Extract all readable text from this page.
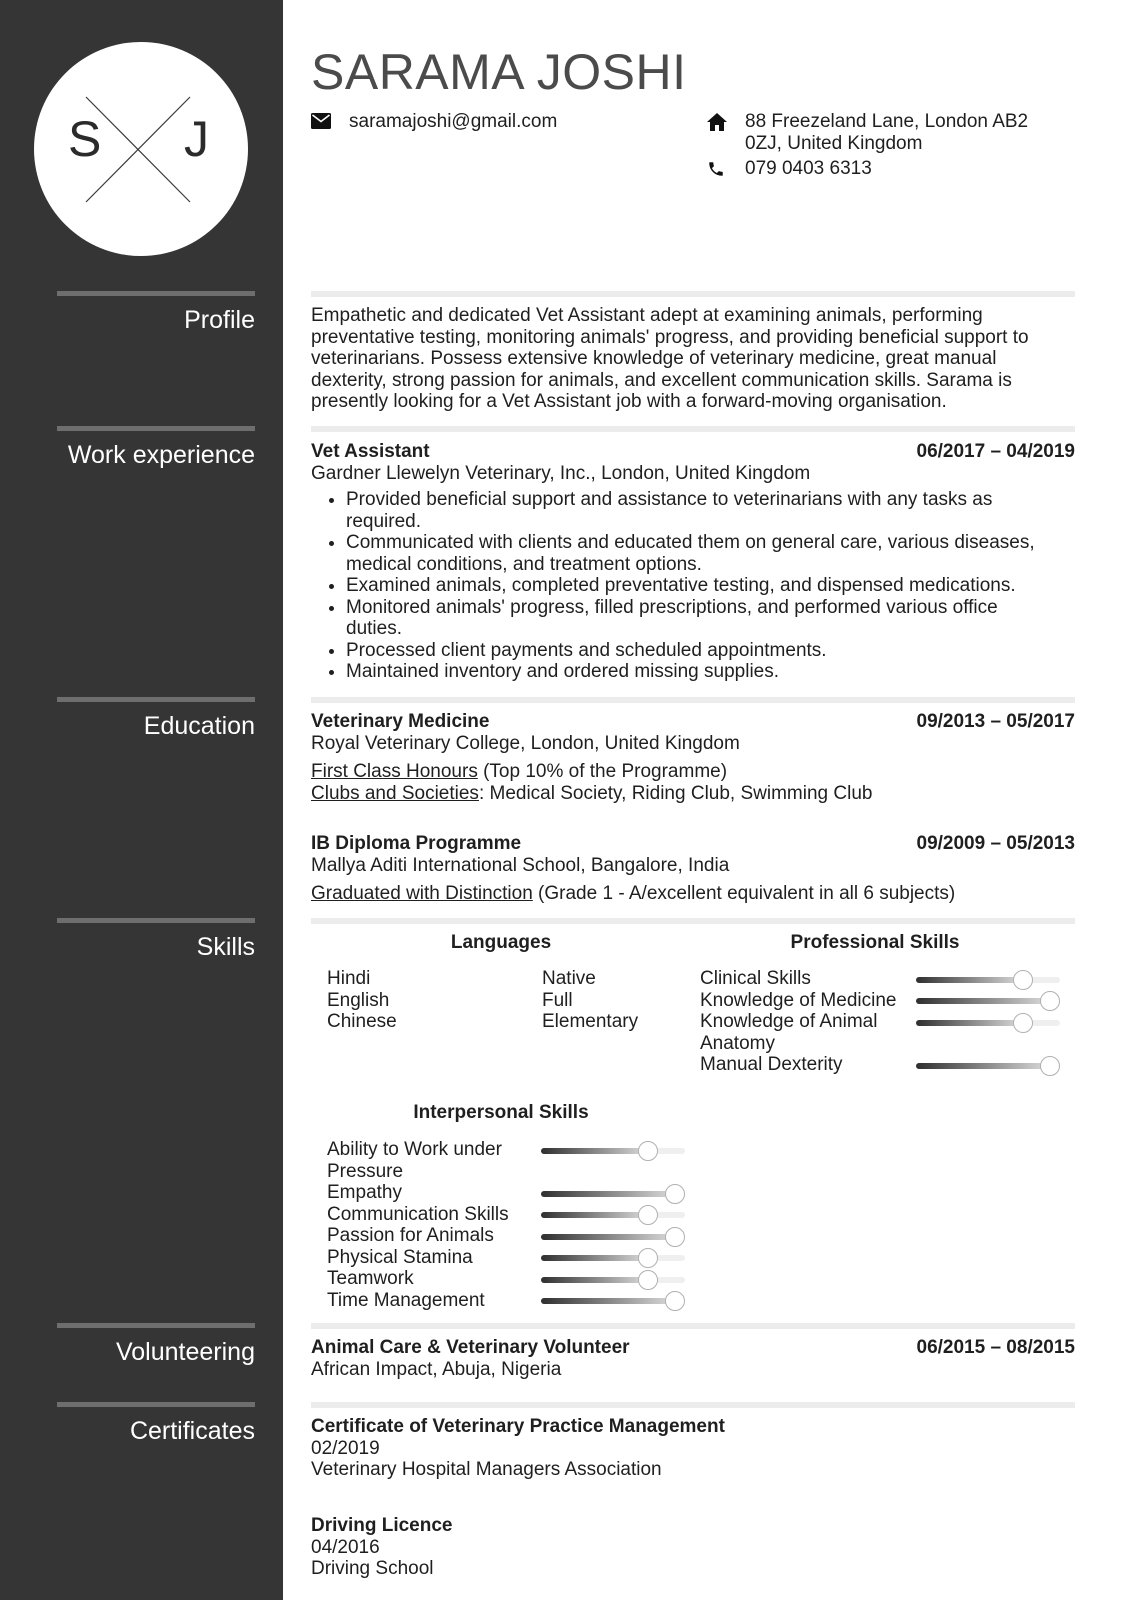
S J
Profile
Work experience
Education
Skills
Volunteering
Certificates
SARAMA JOSHI
saramajoshi@gmail.com	88 Freezeland Lane, London AB2
0ZJ, United Kingdom
079 0403 6313
Empathetic and dedicated Vet Assistant adept at examining animals, performing
preventative testing, monitoring animals' progress, and providing beneficial support to
veterinarians. Possess extensive knowledge of veterinary medicine, great manual
dexterity, strong passion for animals, and excellent communication skills. Sarama is
presently looking for a Vet Assistant job with a forward-moving organisation.
Vet Assistant	06/2017 – 04/2019
Gardner Llewelyn Veterinary, Inc., London, United Kingdom
• Provided beneficial support and assistance to veterinarians with any tasks as
required.
• Communicated with clients and educated them on general care, various diseases,
medical conditions, and treatment options.
• Examined animals, completed preventative testing, and dispensed medications.
• Monitored animals' progress, filled prescriptions, and performed various office
duties.
• Processed client payments and scheduled appointments.
• Maintained inventory and ordered missing supplies.
Veterinary Medicine	09/2013 – 05/2017
Royal Veterinary College, London, United Kingdom
First Class Honours (Top 10% of the Programme)
Clubs and Societies: Medical Society, Riding Club, Swimming Club
IB Diploma Programme	09/2009 – 05/2013
Mallya Aditi International School, Bangalore, India
Graduated with Distinction (Grade 1 - A/excellent equivalent in all 6 subjects)
Languages
Hindi	Native
English	Full
Chinese	Elementary
Professional Skills
Clinical Skills
Knowledge of Medicine
Knowledge of Animal
Anatomy
Manual Dexterity
Interpersonal Skills
Ability to Work under
Pressure
Empathy
Communication Skills
Passion for Animals
Physical Stamina
Teamwork
Time Management
Animal Care & Veterinary Volunteer	06/2015 – 08/2015
African Impact, Abuja, Nigeria
Certificate of Veterinary Practice Management
02/2019
Veterinary Hospital Managers Association
Driving Licence
04/2016
Driving School
